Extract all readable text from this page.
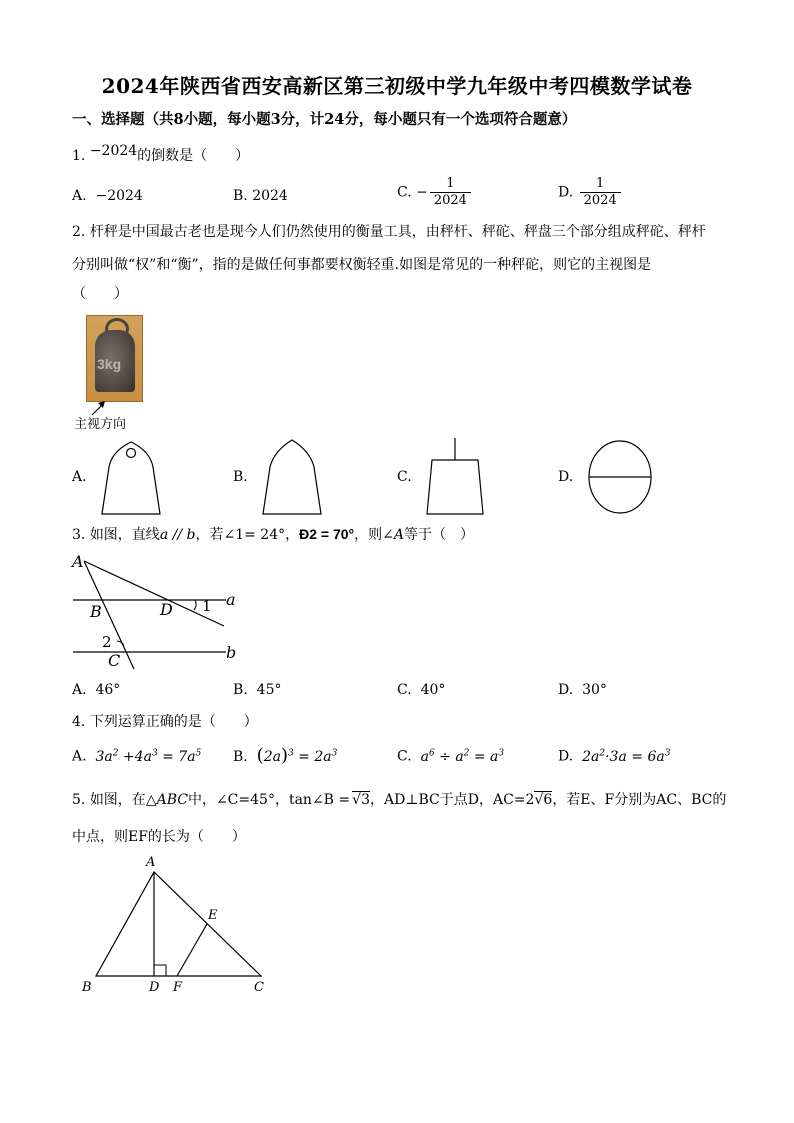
2024年陕西省西安高新区第三初级中学九年级中考四模数学试卷
一、选择题（共8小题，每小题3分，计24分，每小题只有一个选项符合题意）
1. −2024的倒数是（　　）
A. −2024	B. 2024	C. − $\frac{1}{2024}$	D. $\frac{1}{2024}$
2. 杆秤是中国最古老也是现今人们仍然使用的衡量工具，由秤杆、秤砣、秤盘三个部分组成秤砣、秤杆
分别叫做“权”和“衡”，指的是做任何事都要权衡轻重.如图是常见的一种秤砣，则它的主视图是
（　　）
3kg
主视方向
A.	B.	C.	D.
3. 如图，直线a // b，若∠1= 24°，Ð2 = 70°，则∠A等于（　）
A
B	D 1 a
2
C	b
A. 46°	B. 45°	C. 40°	D. 30°
4. 下列运算正确的是（　　）
A. $3a^2 +4a^3 = 7a^5$ B. $(2a)^3 = 2a^3$	C. $a^6 \div a^2 = a^3$	D. $2a^2\cdot 3a = 6a^3$
5. 如图，在△ABC中，∠C=45°，tan∠B = √3，AD⊥BC于点D，AC=2√6，若E、F分别为AC、BC的
中点，则EF的长为（　　）
A
B	D F	C
E
